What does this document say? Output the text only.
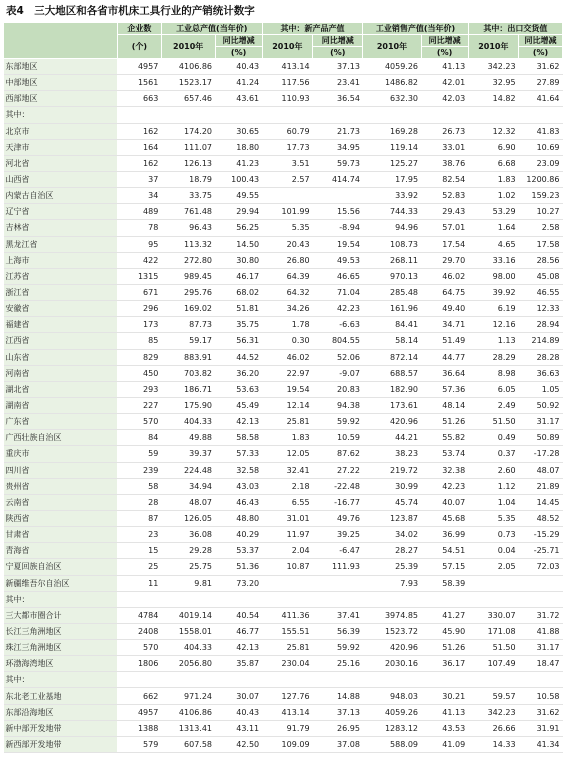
表4　三大地区和各省市机床工具行业的产销统计数字
	企业数	工业总产值(当年价)		其中：新产品产值		工业销售产值(当年价)		其中：出口交货值	
	(个)	2010年	同比增减	2010年	同比增减	2010年	同比增减	2010年	同比增减
			(%)		(%)		(%)		(%)
东部地区	4957	4106.86	40.43	413.14	37.13	4059.26	41.13	342.23	31.62
中部地区	1561	1523.17	41.24	117.56	23.41	1486.82	42.01	32.95	27.89
西部地区	663	657.46	43.61	110.93	36.54	632.30	42.03	14.82	41.64
其中：									
北京市	162	174.20	30.65	60.79	21.73	169.28	26.73	12.32	41.83
天津市	164	111.07	18.80	17.73	34.95	119.14	33.01	6.90	10.69
河北省	162	126.13	41.23	3.51	59.73	125.27	38.76	6.68	23.09
山西省	37	18.79	100.43	2.57	414.74	17.95	82.54	1.83	1200.86
内蒙古自治区	34	33.75	49.55			33.92	52.83	1.02	159.23
辽宁省	489	761.48	29.94	101.99	15.56	744.33	29.43	53.29	10.27
吉林省	78	96.43	56.25	5.35	-8.94	94.96	57.01	1.64	2.58
黑龙江省	95	113.32	14.50	20.43	19.54	108.73	17.54	4.65	17.58
上海市	422	272.80	30.80	26.80	49.53	268.11	29.70	33.16	28.56
江苏省	1315	989.45	46.17	64.39	46.65	970.13	46.02	98.00	45.08
浙江省	671	295.76	68.02	64.32	71.04	285.48	64.75	39.92	46.55
安徽省	296	169.02	51.81	34.26	42.23	161.96	49.40	6.19	12.33
福建省	173	87.73	35.75	1.78	-6.63	84.41	34.71	12.16	28.94
江西省	85	59.17	56.31	0.30	804.55	58.14	51.49	1.13	214.89
山东省	829	883.91	44.52	46.02	52.06	872.14	44.77	28.29	28.28
河南省	450	703.82	36.20	22.97	-9.07	688.57	36.64	8.98	36.63
湖北省	293	186.71	53.63	19.54	20.83	182.90	57.36	6.05	1.05
湖南省	227	175.90	45.49	12.14	94.38	173.61	48.14	2.49	50.92
广东省	570	404.33	42.13	25.81	59.92	420.96	51.26	51.50	31.17
广西壮族自治区	84	49.88	58.58	1.83	10.59	44.21	55.82	0.49	50.89
重庆市	59	39.37	57.33	12.05	87.62	38.23	53.74	0.37	-17.28
四川省	239	224.48	32.58	32.41	27.22	219.72	32.38	2.60	48.07
贵州省	58	34.94	43.03	2.18	-22.48	30.99	42.23	1.12	21.89
云南省	28	48.07	46.43	6.55	-16.77	45.74	40.07	1.04	14.45
陕西省	87	126.05	48.80	31.01	49.76	123.87	45.68	5.35	48.52
甘肃省	23	36.08	40.29	11.97	39.25	34.02	36.99	0.73	-15.29
青海省	15	29.28	53.37	2.04	-6.47	28.27	54.51	0.04	-25.71
宁夏回族自治区	25	25.75	51.36	10.87	111.93	25.39	57.15	2.05	72.03
新疆维吾尔自治区	11	9.81	73.20			7.93	58.39		
其中：									
三大都市圈合计	4784	4019.14	40.54	411.36	37.41	3974.85	41.27	330.07	31.72
长江三角洲地区	2408	1558.01	46.77	155.51	56.39	1523.72	45.90	171.08	41.88
珠江三角洲地区	570	404.33	42.13	25.81	59.92	420.96	51.26	51.50	31.17
环渤海湾地区	1806	2056.80	35.87	230.04	25.16	2030.16	36.17	107.49	18.47
其中：									
东北老工业基地	662	971.24	30.07	127.76	14.88	948.03	30.21	59.57	10.58
东部沿海地区	4957	4106.86	40.43	413.14	37.13	4059.26	41.13	342.23	31.62
新中部开发地带	1388	1313.41	43.11	91.79	26.95	1283.12	43.53	26.66	31.91
新西部开发地带	579	607.58	42.50	109.09	37.08	588.09	41.09	14.33	41.34
